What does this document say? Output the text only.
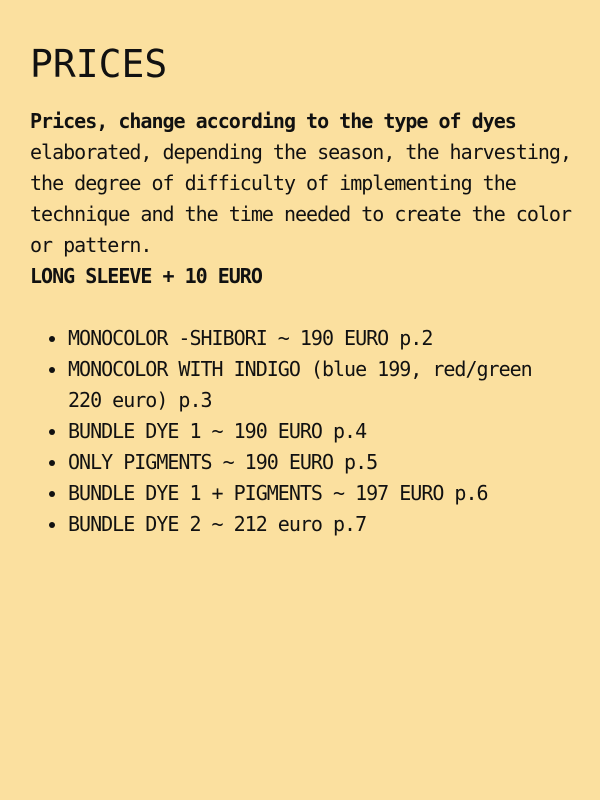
PRICES

Prices, change according to the type of dyes elaborated, depending the season, the harvesting, the degree of difficulty of implementing the technique and the time needed to create the color or pattern.

LONG SLEEVE + 10 EURO
• MONOCOLOR -SHIBORI ~ 190 EURO p.2
• MONOCOLOR WITH INDIGO (blue 199, red/green 220 euro) p.3
• BUNDLE DYE 1 ~ 190 EURO p.4
• ONLY PIGMENTS ~ 190 EURO p.5
• BUNDLE DYE 1 + PIGMENTS ~ 197 EURO p.6
• BUNDLE DYE 2 ~ 212 euro p.7
